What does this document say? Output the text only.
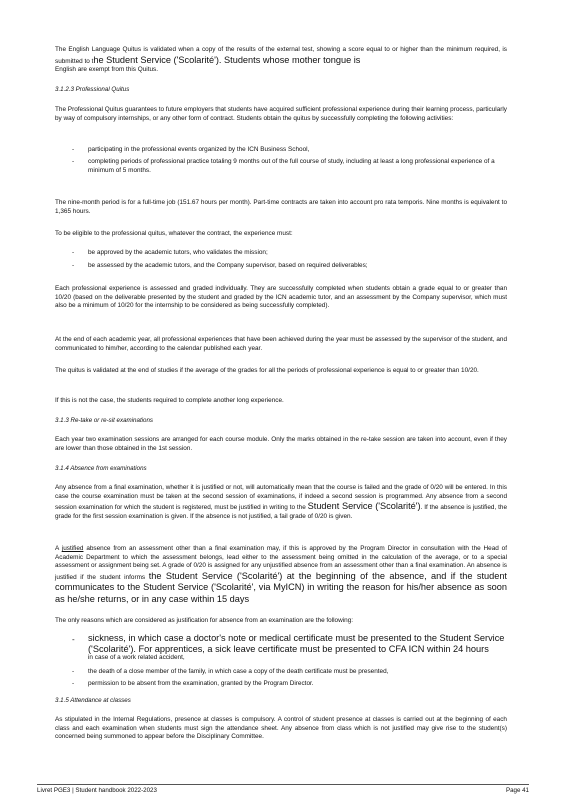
The English Language Quitus is validated when a copy of the results of the external test, showing a score equal to or higher than the minimum required, is submitted to the Student Service ('Scolarité'). Students whose mother tongue is
English are exempt from this Quitus.

3.1.2.3 Professional Quitus

The Professional Quitus guarantees to future employers that students have acquired sufficient professional experience during their learning process, particularly by way of compulsory internships, or any other form of contract. Students obtain the quitus by successfully completing the following activities:

- participating in the professional events organized by the ICN Business School,
- completing periods of professional practice totaling 9 months out of the full course of study, including at least a long professional experience of a minimum of 5 months.

The nine-month period is for a full-time job (151.67 hours per month). Part-time contracts are taken into account pro rata temporis. Nine months is equivalent to 1,365 hours.

To be eligible to the professional quitus, whatever the contract, the experience must:

- be approved by the academic tutors, who validates the mission;
- be assessed by the academic tutors, and the Company supervisor, based on required deliverables;

Each professional experience is assessed and graded individually. They are successfully completed when students obtain a grade equal to or greater than 10/20 (based on the deliverable presented by the student and graded by the ICN academic tutor, and an assessment by the Company supervisor, which must also be a minimum of 10/20 for the internship to be considered as being successfully completed).

At the end of each academic year, all professional experiences that have been achieved during the year must be assessed by the supervisor of the student, and communicated to him/her, according to the calendar published each year.

The quitus is validated at the end of studies if the average of the grades for all the periods of professional experience is equal to or greater than 10/20.

If this is not the case, the students required to complete another long experience.

3.1.3 Re-take or re-sit examinations

Each year two examination sessions are arranged for each course module. Only the marks obtained in the re-take session are taken into account, even if they are lower than those obtained in the 1st session.

3.1.4 Absence from examinations

Any absence from a final examination, whether it is justified or not, will automatically mean that the course is failed and the grade of 0/20 will be entered. In this case the course examination must be taken at the second session of examinations, if indeed a second session is programmed. Any absence from a second session examination for which the student is registered, must be justified in writing to the Student Service ('Scolarité'). If the absence is justified, the grade for the first session examination is given. If the absence is not justified, a fail grade of 0/20 is given.

A justified absence from an assessment other than a final examination may, if this is approved by the Program Director in consultation with the Head of Academic Department to which the assessment belongs, lead either to the assessment being omitted in the calculation of the average, or to a special assessment or assignment being set. A grade of 0/20 is assigned for any unjustified absence from an assessment other than a final examination. An absence is justified if the student informs the Student Service ('Scolarité') at the beginning of the absence, and if the student communicates to the Student Service ('Scolarité', via MyICN) in writing the reason for his/her absence as soon as he/she returns, or in any case within 15 days

The only reasons which are considered as justification for absence from an examination are the following:

- sickness, in which case a doctor's note or medical certificate must be presented to the Student Service ('Scolarité'). For apprentices, a sick leave certificate must be presented to CFA ICN within 24 hours
in case of a work related accident,
- the death of a close member of the family, in which case a copy of the death certificate must be presented,
- permission to be absent from the examination, granted by the Program Director.

3.1.5 Attendance at classes

As stipulated in the Internal Regulations, presence at classes is compulsory. A control of student presence at classes is carried out at the beginning of each class and each examination when students must sign the attendance sheet. Any absence from class which is not justified may give rise to the student(s) concerned being summoned to appear before the Disciplinary Committee.

Livret PGE3 | Student handbook 2022-2023	Page 41
